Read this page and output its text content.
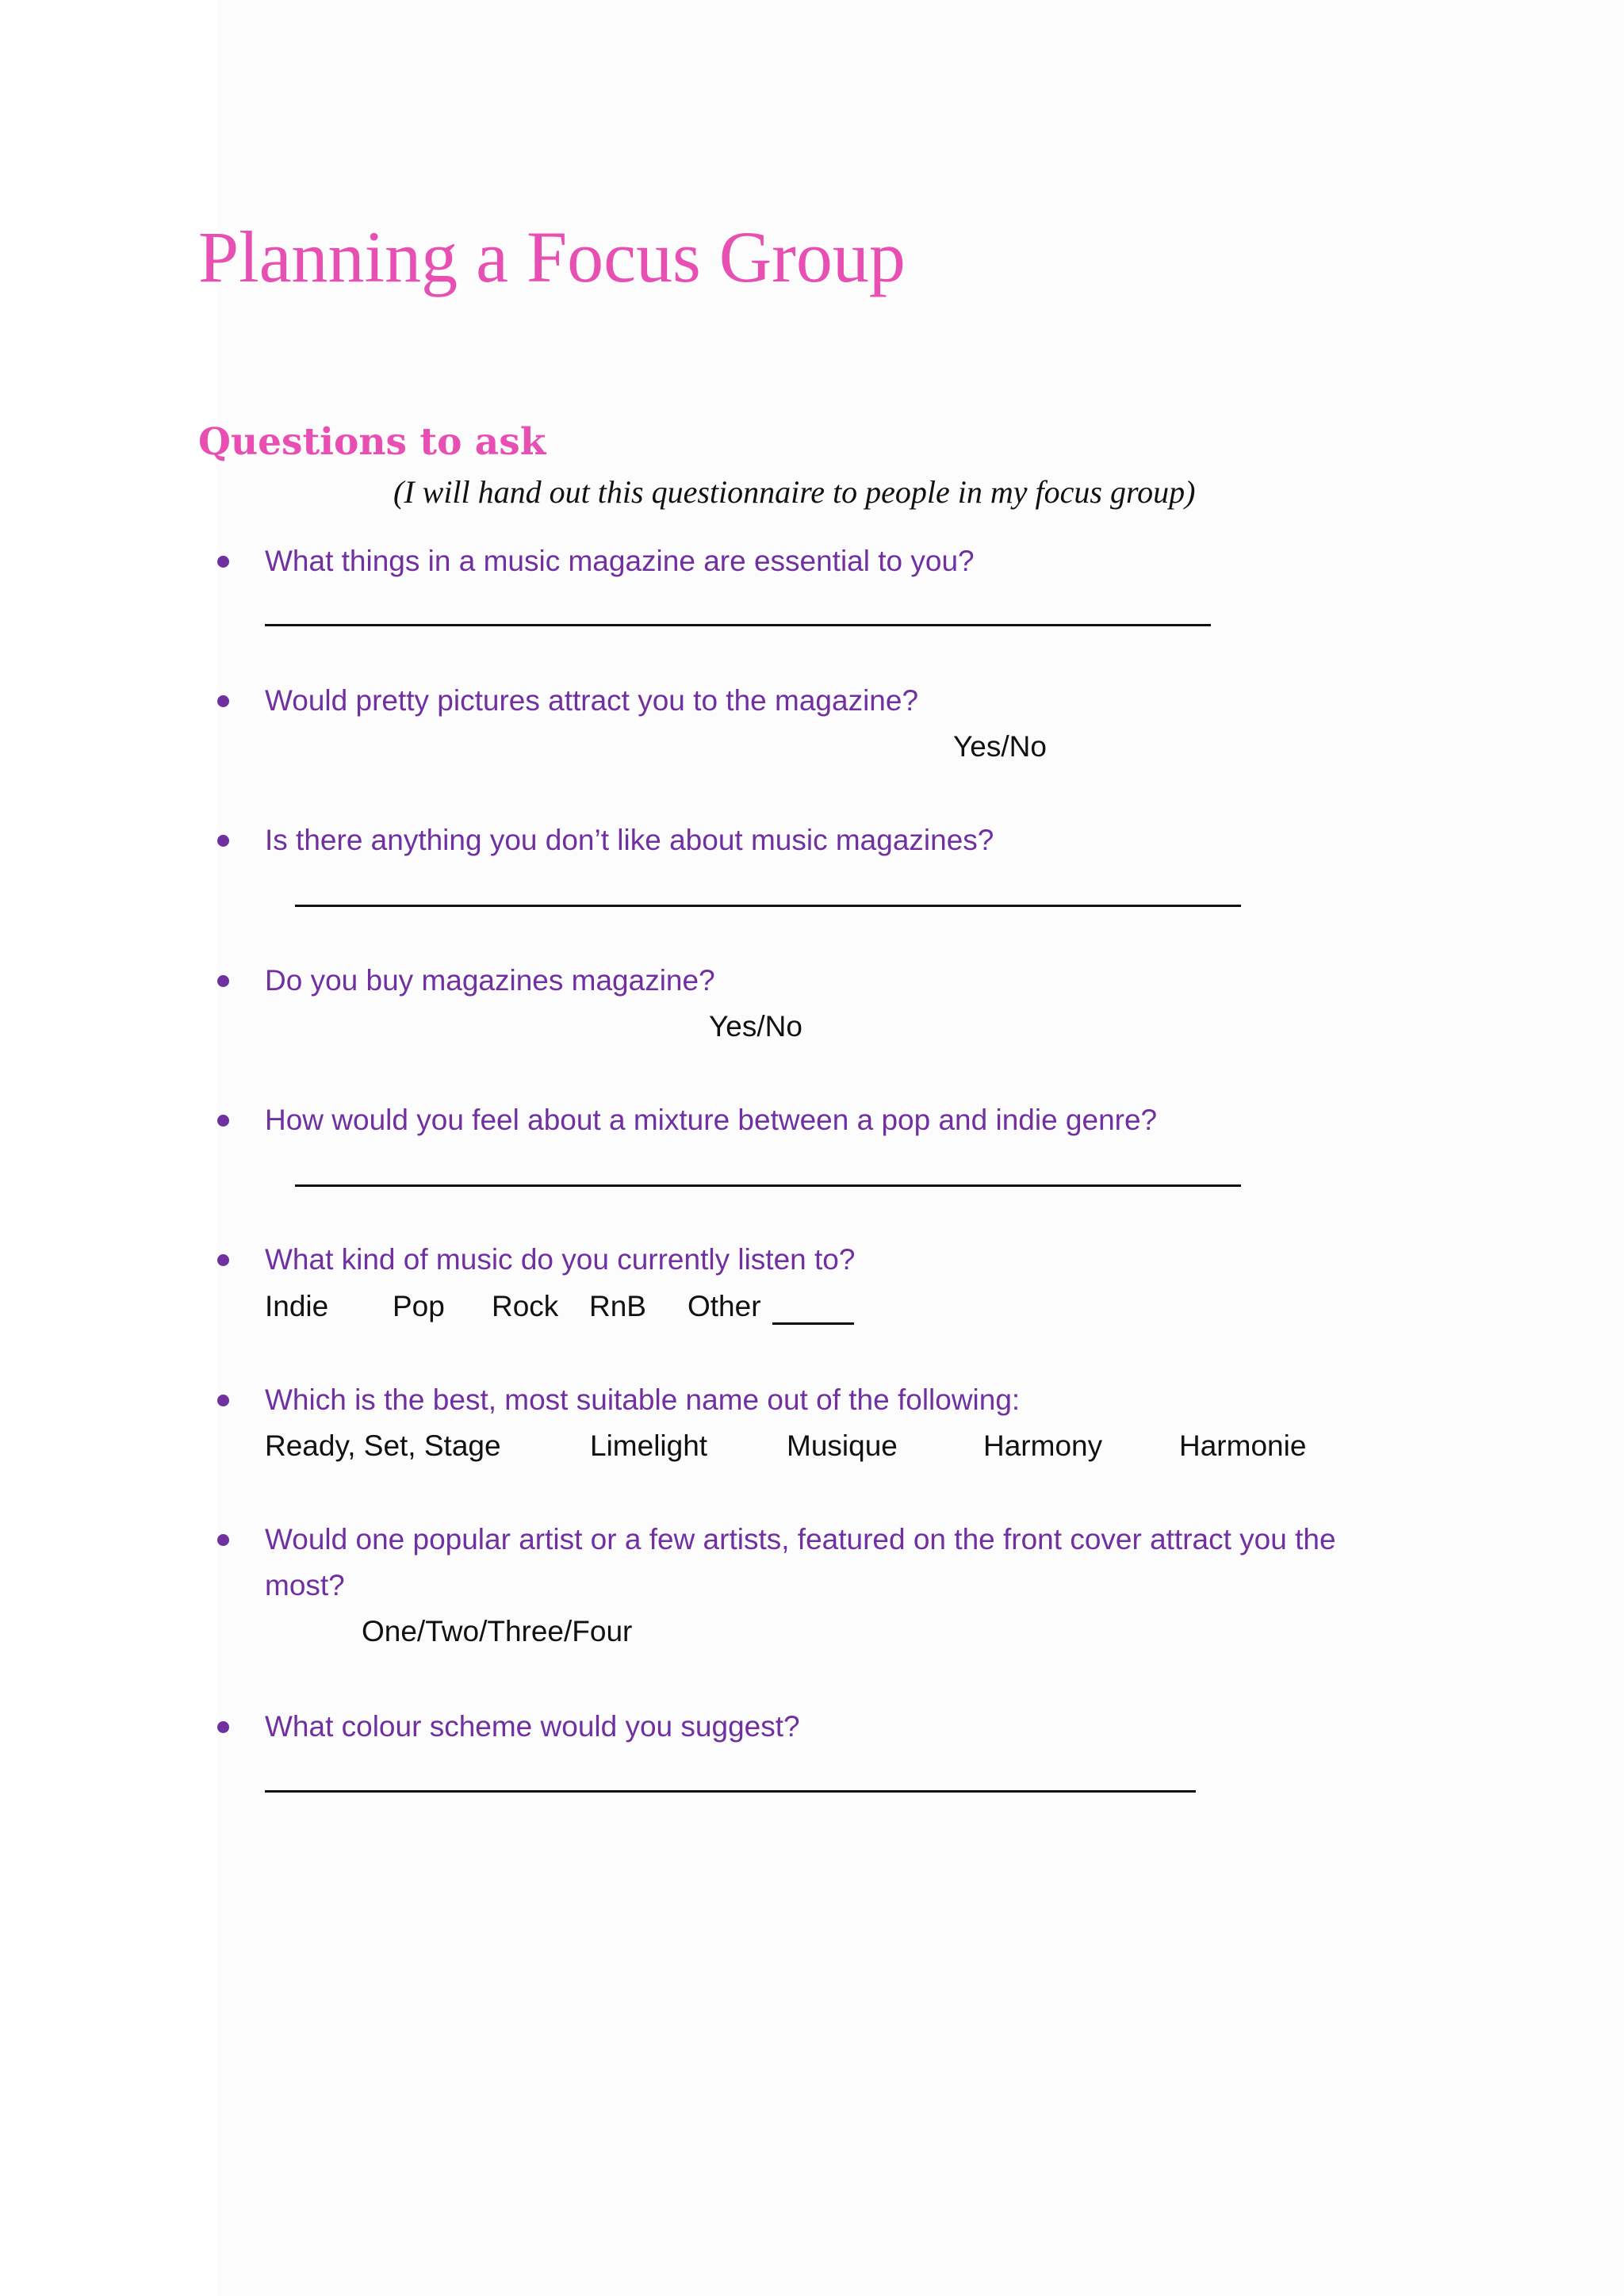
Planning a Focus Group
Questions to ask

(I will hand out this questionnaire to people in my focus group)

What things in a music magazine are essential to you?
Would pretty pictures attract you to the magazine?
Yes/No
Is there anything you don’t like about music magazines?
Do you buy magazines magazine?
Yes/No
How would you feel about a mixture between a pop and indie genre?
What kind of music do you currently listen to?
Indie Pop Rock RnB Other
Which is the best, most suitable name out of the following:
Ready, Set, Stage	Limelight	Musique	Harmony	Harmonie
Would one popular artist or a few artists, featured on the front cover attract you the
most?
One/Two/Three/Four
What colour scheme would you suggest?
